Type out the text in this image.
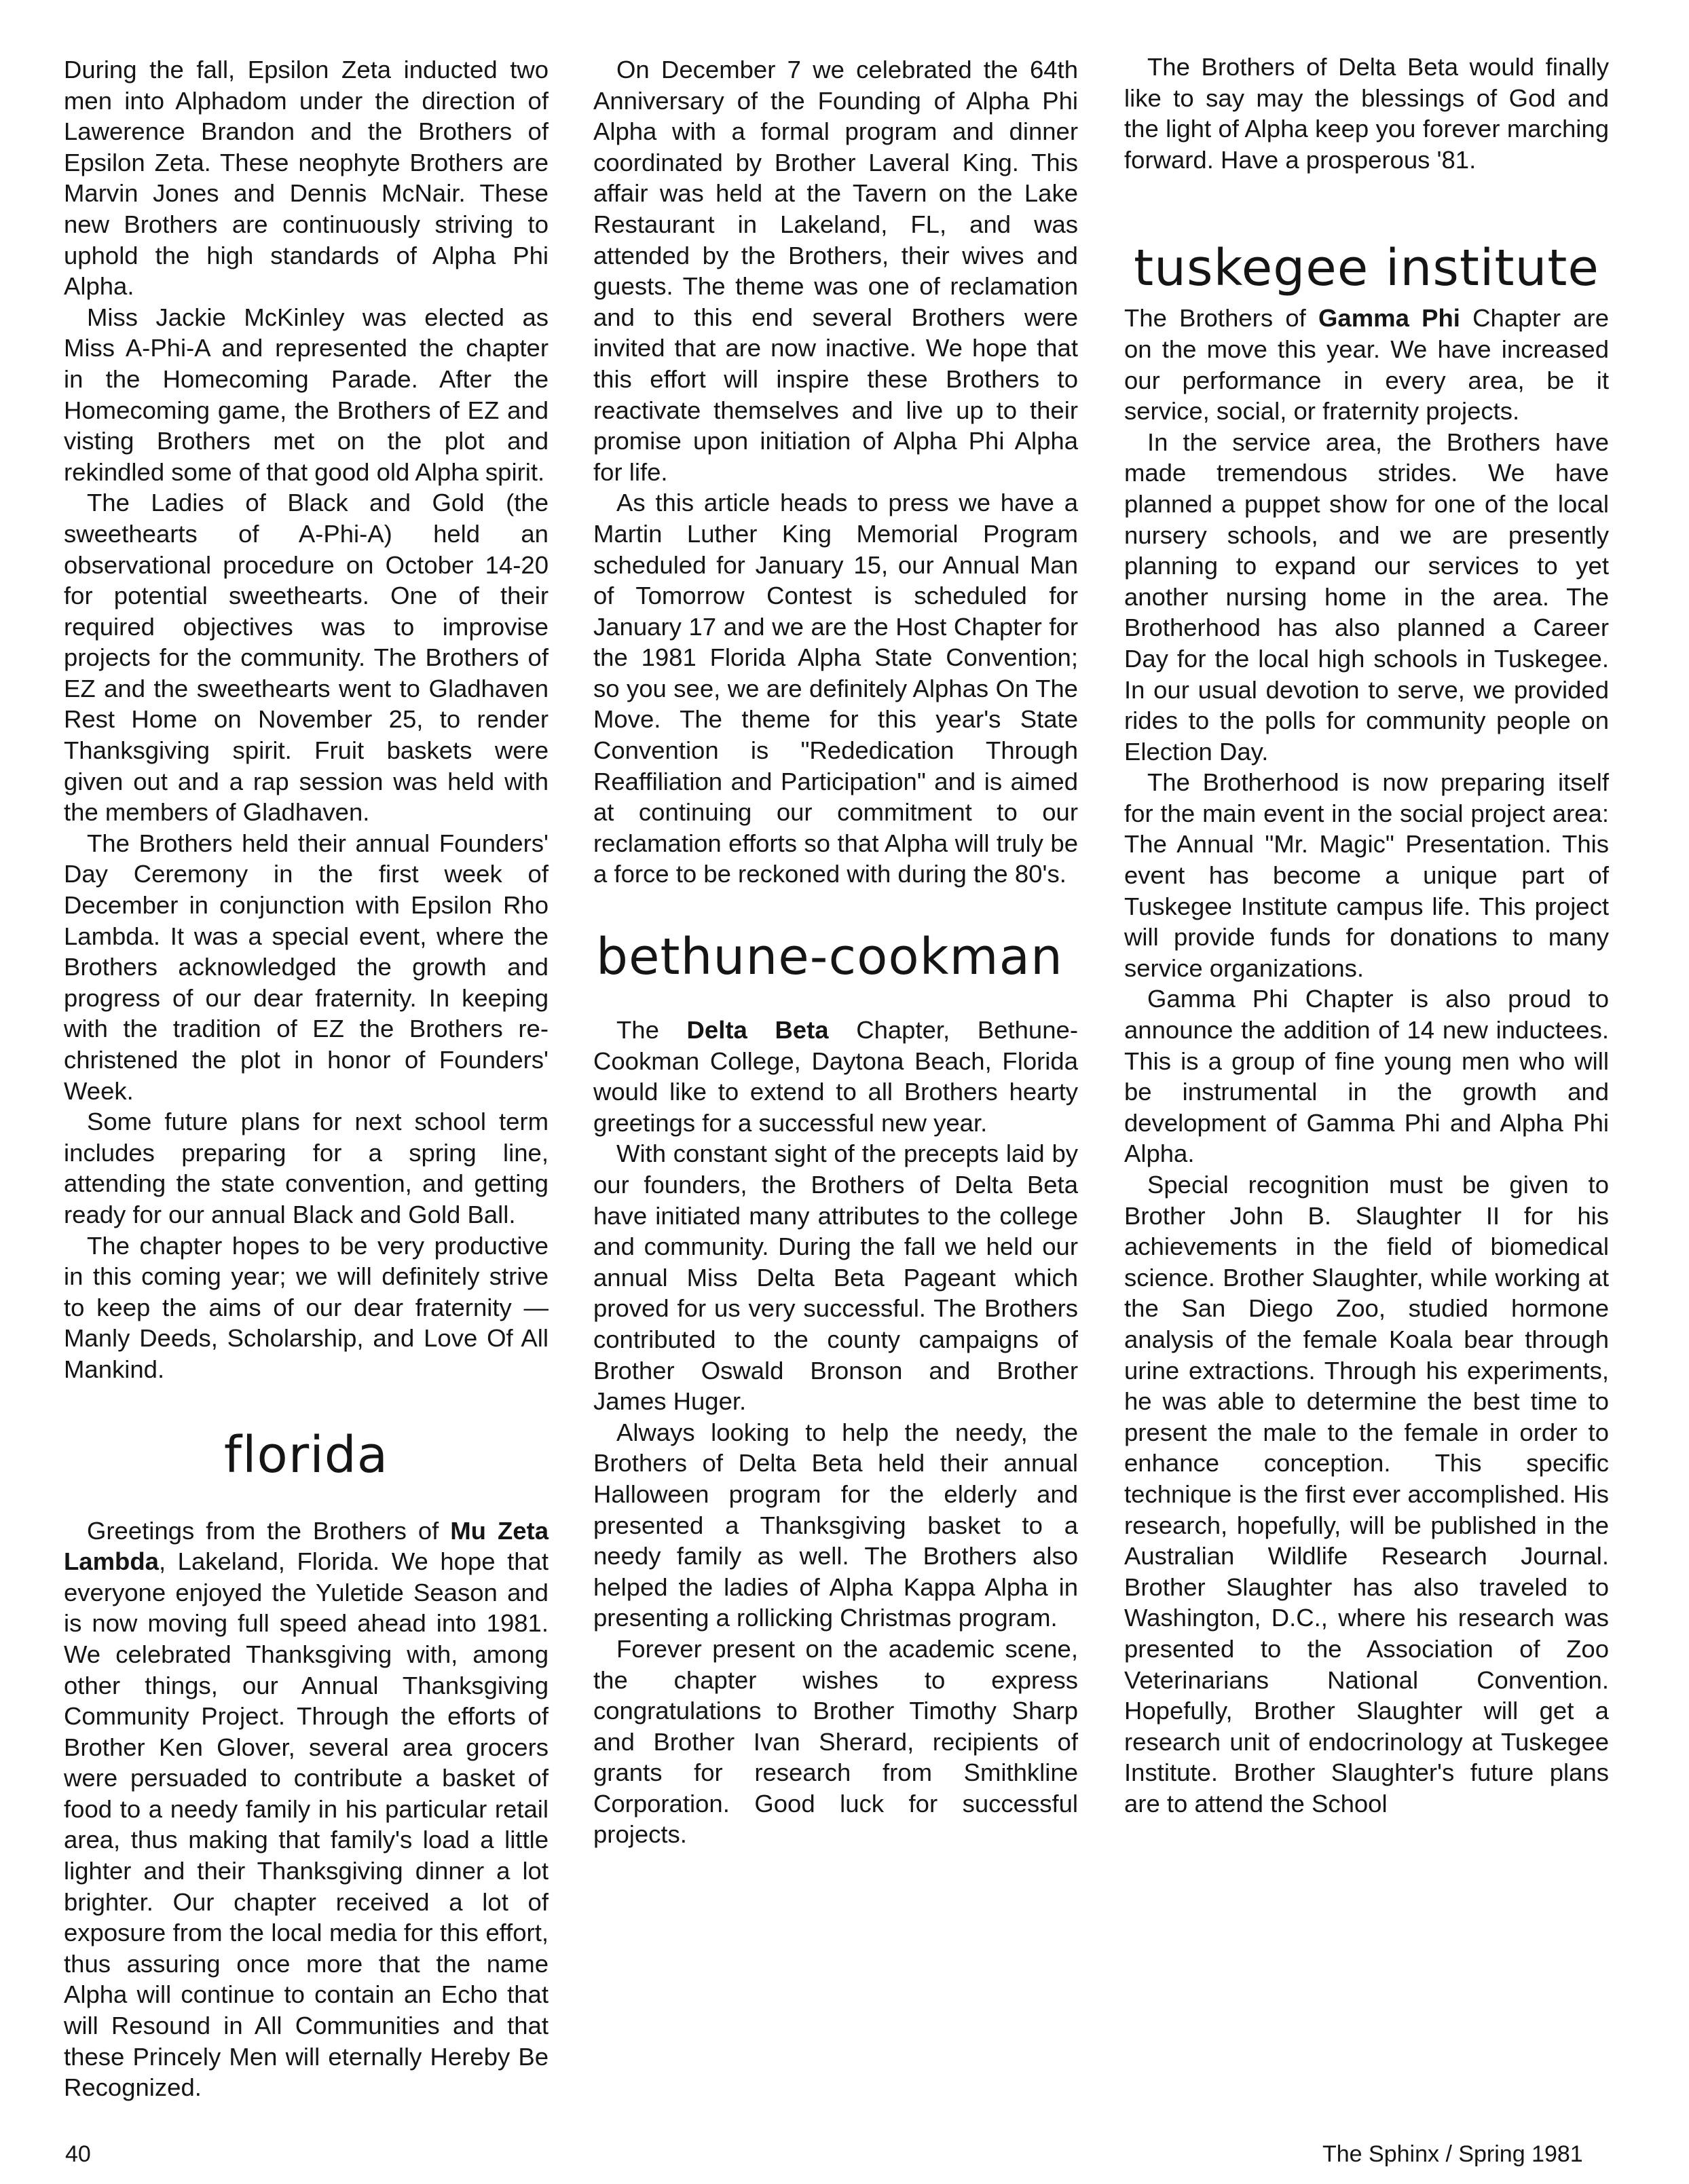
During the fall, Epsilon Zeta inducted two men into Alphadom under the direction of Lawerence Brandon and the Brothers of Epsilon Zeta. These neophyte Brothers are Marvin Jones and Dennis McNair. These new Brothers are continuously striving to uphold the high standards of Alpha Phi Alpha.

Miss Jackie McKinley was elected as Miss A-Phi-A and represented the chapter in the Homecoming Parade. After the Homecoming game, the Brothers of EZ and visting Brothers met on the plot and rekindled some of that good old Alpha spirit.

The Ladies of Black and Gold (the sweethearts of A-Phi-A) held an observational procedure on October 14-20 for potential sweethearts. One of their required objectives was to improvise projects for the community. The Brothers of EZ and the sweethearts went to Gladhaven Rest Home on November 25, to render Thanksgiving spirit. Fruit baskets were given out and a rap session was held with the members of Gladhaven.

The Brothers held their annual Founders' Day Ceremony in the first week of December in conjunction with Epsilon Rho Lambda. It was a special event, where the Brothers acknowledged the growth and progress of our dear fraternity. In keeping with the tradition of EZ the Brothers re-christened the plot in honor of Founders' Week.

Some future plans for next school term includes preparing for a spring line, attending the state convention, and getting ready for our annual Black and Gold Ball.

The chapter hopes to be very productive in this coming year; we will definitely strive to keep the aims of our dear fraternity — Manly Deeds, Scholarship, and Love Of All Mankind.

florida

Greetings from the Brothers of Mu Zeta Lambda, Lakeland, Florida. We hope that everyone enjoyed the Yuletide Season and is now moving full speed ahead into 1981. We celebrated Thanksgiving with, among other things, our Annual Thanksgiving Community Project. Through the efforts of Brother Ken Glover, several area grocers were persuaded to contribute a basket of food to a needy family in his particular retail area, thus making that family's load a little lighter and their Thanksgiving dinner a lot brighter. Our chapter received a lot of exposure from the local media for this effort, thus assuring once more that the name Alpha will continue to contain an Echo that will Resound in All Communities and that these Princely Men will eternally Hereby Be Recognized.

On December 7 we celebrated the 64th Anniversary of the Founding of Alpha Phi Alpha with a formal program and dinner coordinated by Brother Laveral King. This affair was held at the Tavern on the Lake Restaurant in Lakeland, FL, and was attended by the Brothers, their wives and guests. The theme was one of reclamation and to this end several Brothers were invited that are now inactive. We hope that this effort will inspire these Brothers to reactivate themselves and live up to their promise upon initiation of Alpha Phi Alpha for life.

As this article heads to press we have a Martin Luther King Memorial Program scheduled for January 15, our Annual Man of Tomorrow Contest is scheduled for January 17 and we are the Host Chapter for the 1981 Florida Alpha State Convention; so you see, we are definitely Alphas On The Move. The theme for this year's State Convention is "Rededication Through Reaffiliation and Participation" and is aimed at continuing our commitment to our reclamation efforts so that Alpha will truly be a force to be reckoned with during the 80's.

bethune-cookman

The Delta Beta Chapter, Bethune-Cookman College, Daytona Beach, Florida would like to extend to all Brothers hearty greetings for a successful new year.

With constant sight of the precepts laid by our founders, the Brothers of Delta Beta have initiated many attributes to the college and community. During the fall we held our annual Miss Delta Beta Pageant which proved for us very successful. The Brothers contributed to the county campaigns of Brother Oswald Bronson and Brother James Huger.

Always looking to help the needy, the Brothers of Delta Beta held their annual Halloween program for the elderly and presented a Thanksgiving basket to a needy family as well. The Brothers also helped the ladies of Alpha Kappa Alpha in presenting a rollicking Christmas program.

Forever present on the academic scene, the chapter wishes to express congratulations to Brother Timothy Sharp and Brother Ivan Sherard, recipients of grants for research from Smithkline Corporation. Good luck for successful projects.

The Brothers of Delta Beta would finally like to say may the blessings of God and the light of Alpha keep you forever marching forward. Have a prosperous '81.

tuskegee institute

The Brothers of Gamma Phi Chapter are on the move this year. We have increased our performance in every area, be it service, social, or fraternity projects.

In the service area, the Brothers have made tremendous strides. We have planned a puppet show for one of the local nursery schools, and we are presently planning to expand our services to yet another nursing home in the area. The Brotherhood has also planned a Career Day for the local high schools in Tuskegee. In our usual devotion to serve, we provided rides to the polls for community people on Election Day.

The Brotherhood is now preparing itself for the main event in the social project area: The Annual "Mr. Magic" Presentation. This event has become a unique part of Tuskegee Institute campus life. This project will provide funds for donations to many service organizations.

Gamma Phi Chapter is also proud to announce the addition of 14 new inductees. This is a group of fine young men who will be instrumental in the growth and development of Gamma Phi and Alpha Phi Alpha.

Special recognition must be given to Brother John B. Slaughter II for his achievements in the field of biomedical science. Brother Slaughter, while working at the San Diego Zoo, studied hormone analysis of the female Koala bear through urine extractions. Through his experiments, he was able to determine the best time to present the male to the female in order to enhance conception. This specific technique is the first ever accomplished. His research, hopefully, will be published in the Australian Wildlife Research Journal. Brother Slaughter has also traveled to Washington, D.C., where his research was presented to the Association of Zoo Veterinarians National Convention. Hopefully, Brother Slaughter will get a research unit of endocrinology at Tuskegee Institute. Brother Slaughter's future plans are to attend the School

40	The Sphinx / Spring 1981
